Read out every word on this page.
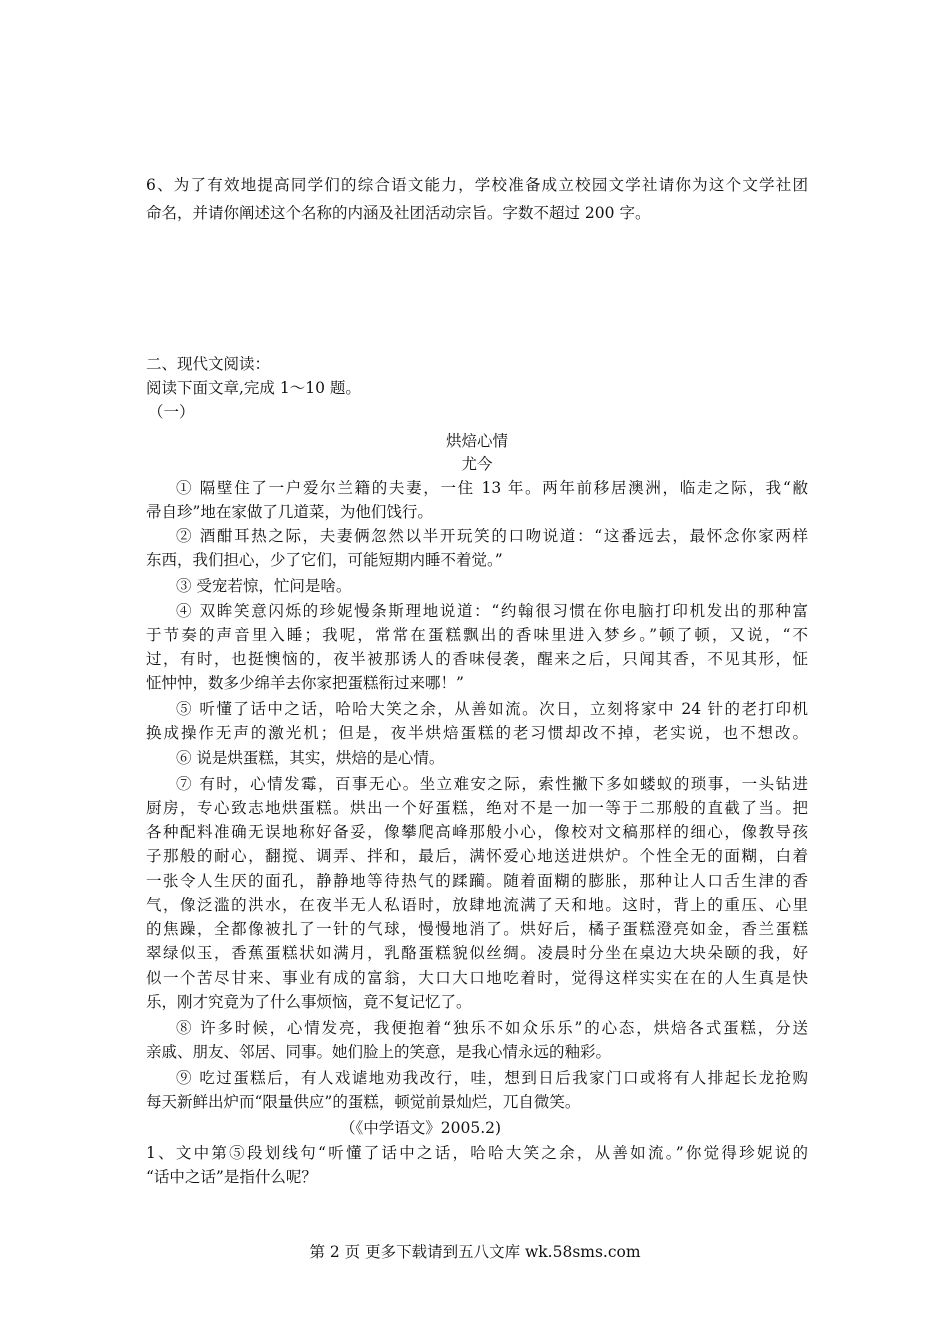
6、为了有效地提高同学们的综合语文能力，学校准备成立校园文学社请你为这个文学社团
命名，并请你阐述这个名称的内涵及社团活动宗旨。字数不超过 200 字。
二、现代文阅读：
阅读下面文章,完成 1～10 题。
（一）
烘焙心情
尤今
① 隔壁住了一户爱尔兰籍的夫妻，一住 13 年。两年前移居澳洲，临走之际，我“敝
帚自珍”地在家做了几道菜，为他们饯行。
② 酒酣耳热之际，夫妻俩忽然以半开玩笑的口吻说道：“这番远去，最怀念你家两样
东西，我们担心，少了它们，可能短期内睡不着觉。”
③ 受宠若惊，忙问是啥。
④ 双眸笑意闪烁的珍妮慢条斯理地说道：“约翰很习惯在你电脑打印机发出的那种富
于节奏的声音里入睡；我呢，常常在蛋糕飘出的香味里进入梦乡。”顿了顿，又说，“不
过，有时，也挺懊恼的，夜半被那诱人的香味侵袭，醒来之后，只闻其香，不见其形，怔
怔忡忡，数多少绵羊去你家把蛋糕衔过来哪！”
⑤ 听懂了话中之话，哈哈大笑之余，从善如流。次日，立刻将家中 24 针的老打印机
换成操作无声的激光机；但是，夜半烘焙蛋糕的老习惯却改不掉，老实说，也不想改。
⑥ 说是烘蛋糕，其实，烘焙的是心情。
⑦ 有时，心情发霉，百事无心。坐立难安之际，索性撇下多如蝼蚁的琐事，一头钻进
厨房，专心致志地烘蛋糕。烘出一个好蛋糕，绝对不是一加一等于二那般的直截了当。把
各种配料准确无误地称好备妥，像攀爬高峰那般小心，像校对文稿那样的细心，像教导孩
子那般的耐心，翻搅、调弄、拌和，最后，满怀爱心地送进烘炉。个性全无的面糊，白着
一张令人生厌的面孔，静静地等待热气的蹂躏。随着面糊的膨胀，那种让人口舌生津的香
气，像泛滥的洪水，在夜半无人私语时，放肆地流满了天和地。这时，背上的重压、心里
的焦躁，全都像被扎了一针的气球，慢慢地消了。烘好后，橘子蛋糕澄亮如金，香兰蛋糕
翠绿似玉，香蕉蛋糕状如满月，乳酪蛋糕貌似丝绸。凌晨时分坐在桌边大块朵颐的我，好
似一个苦尽甘来、事业有成的富翁，大口大口地吃着时，觉得这样实实在在的人生真是快
乐，刚才究竟为了什么事烦恼，竟不复记忆了。
⑧ 许多时候，心情发亮，我便抱着“独乐不如众乐乐”的心态，烘焙各式蛋糕，分送
亲戚、朋友、邻居、同事。她们脸上的笑意，是我心情永远的釉彩。
⑨ 吃过蛋糕后，有人戏谑地劝我改行，哇，想到日后我家门口或将有人排起长龙抢购
每天新鲜出炉而“限量供应”的蛋糕，顿觉前景灿烂，兀自微笑。
（《中学语文》2005.2)
1、文中第⑤段划线句“听懂了话中之话，哈哈大笑之余，从善如流。”你觉得珍妮说的
“话中之话”是指什么呢？
第 2 页 更多下载请到五八文库 wk.58sms.com
